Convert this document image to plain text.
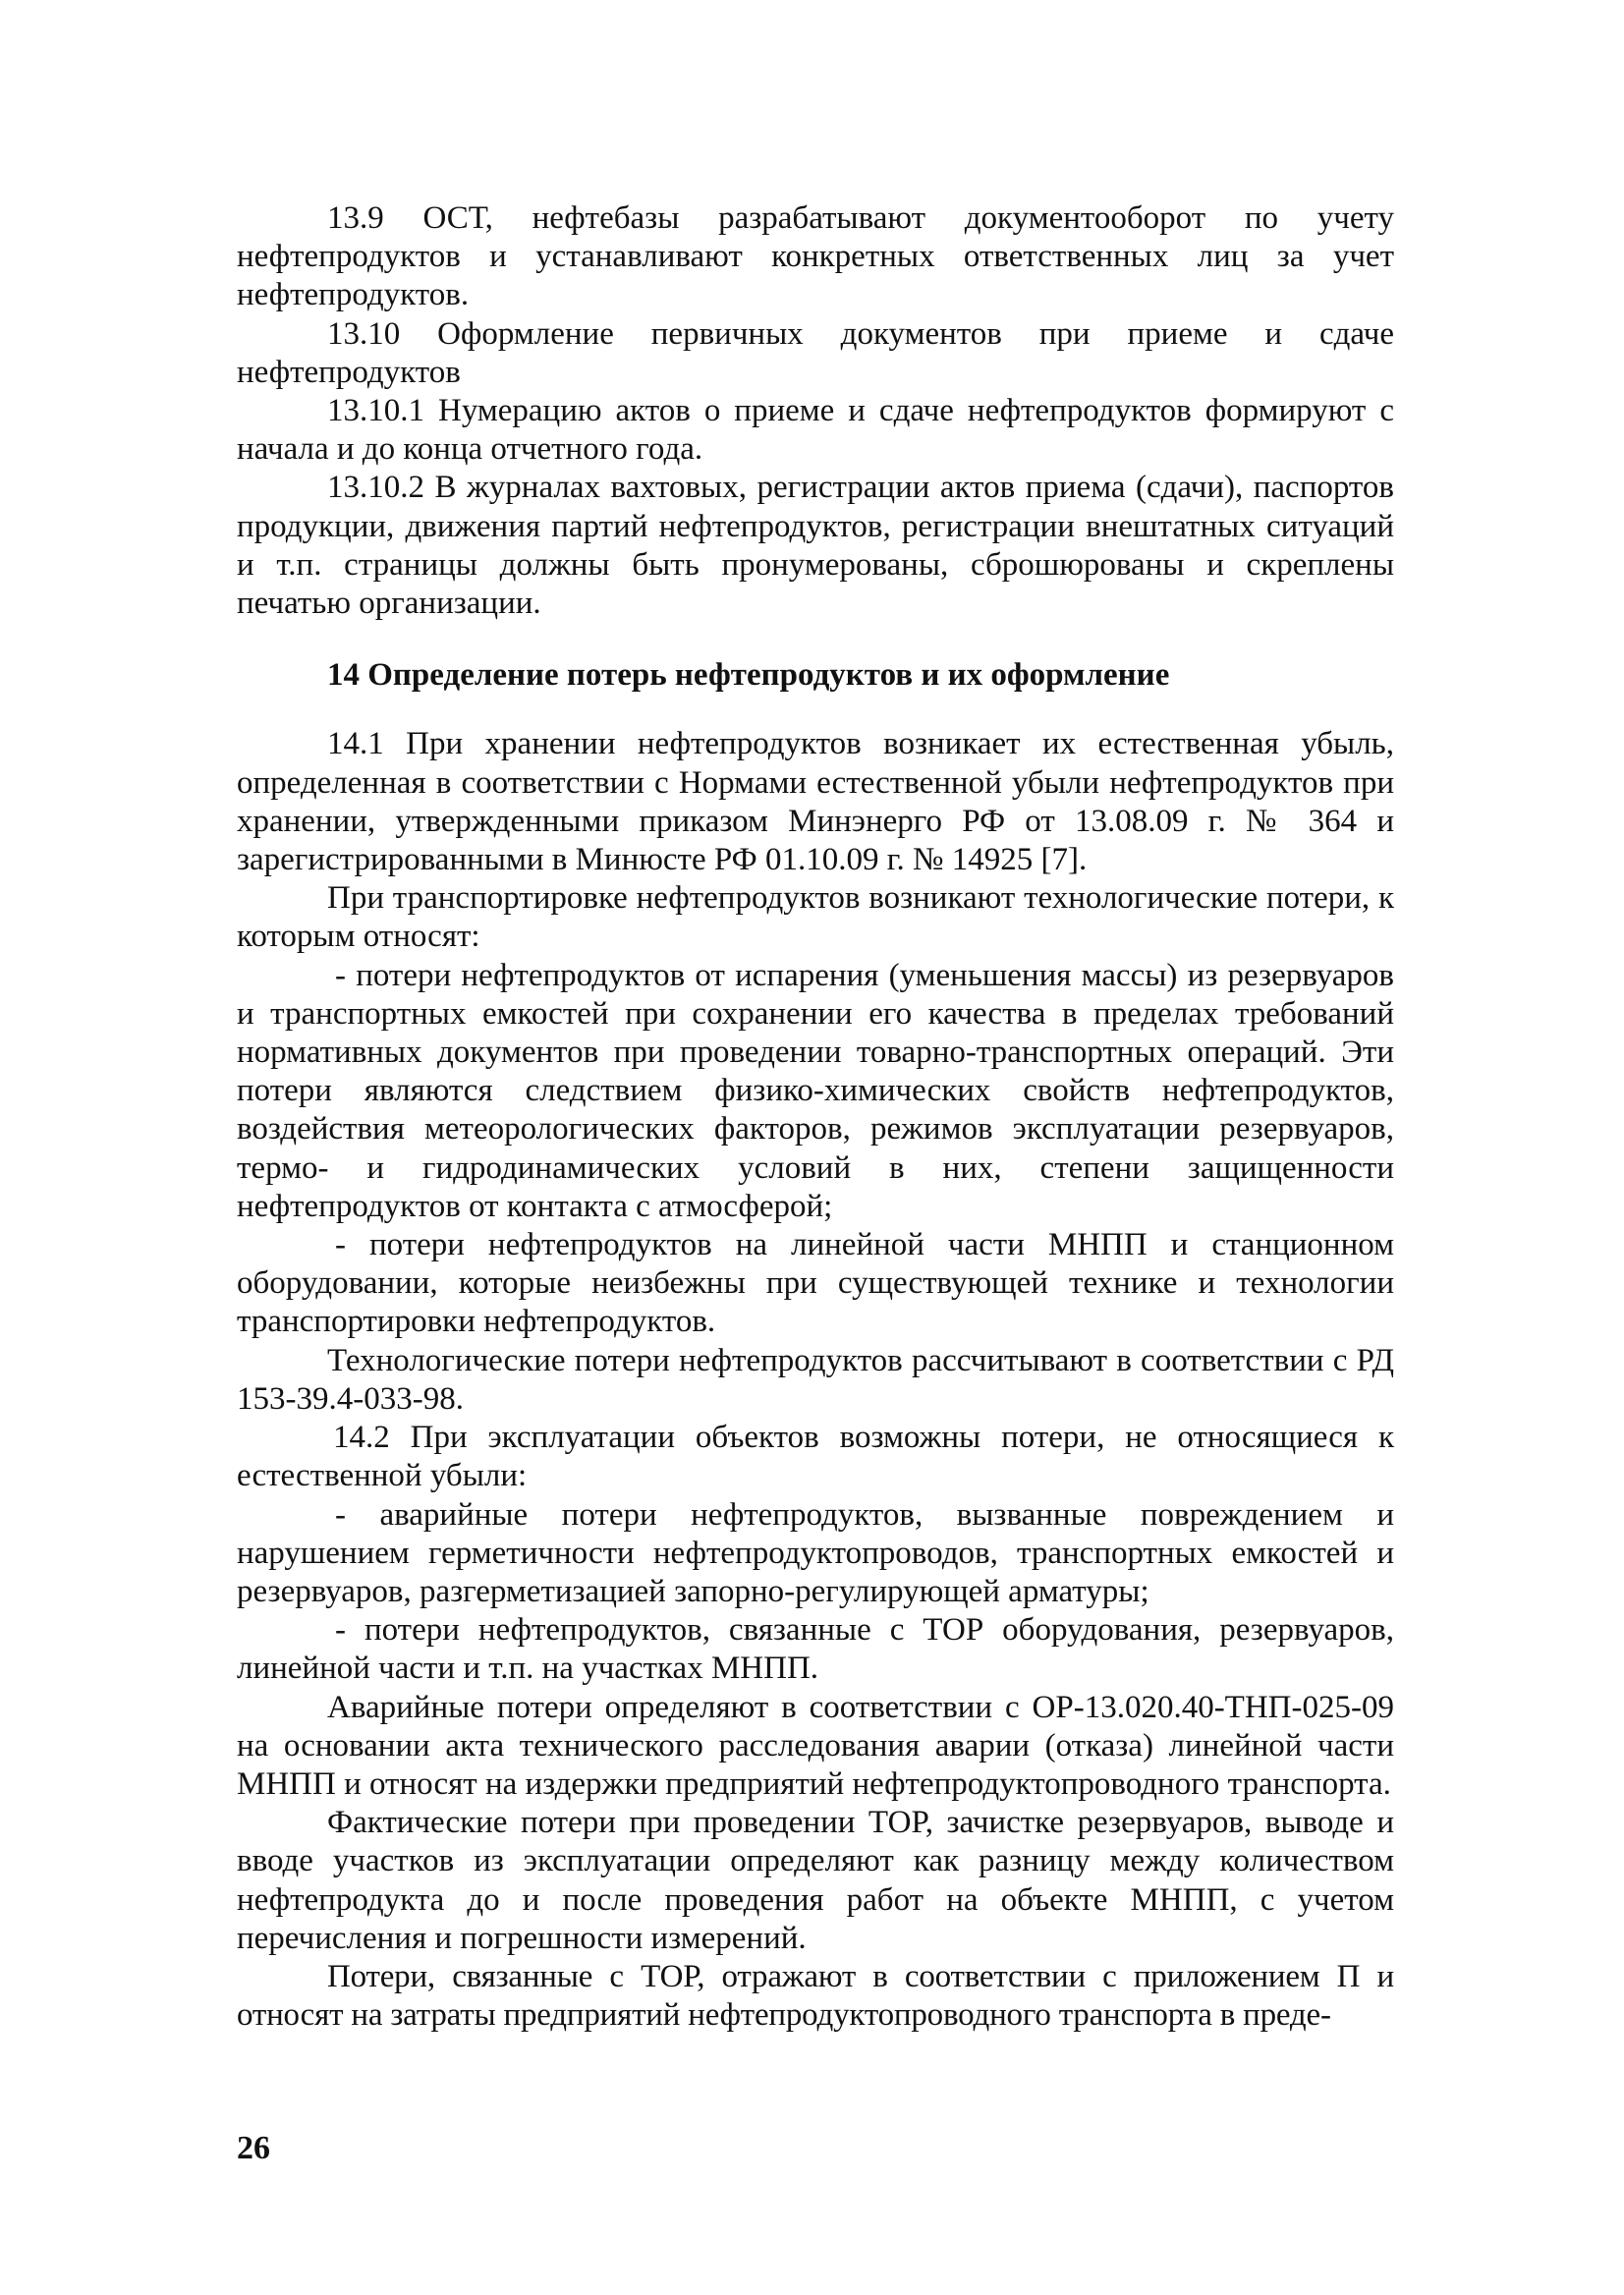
13.9 ОСТ, нефтебазы разрабатывают документооборот по учету нефтепродуктов и устанавливают конкретных ответственных лиц за учет нефтепродуктов.

13.10 Оформление первичных документов при приеме и сдаче нефтепродуктов

13.10.1 Нумерацию актов о приеме и сдаче нефтепродуктов формируют с начала и до конца отчетного года.

13.10.2 В журналах вахтовых, регистрации актов приема (сдачи), паспортов продукции, движения партий нефтепродуктов, регистрации внештатных ситуаций и т.п. страницы должны быть пронумерованы, сброшюрованы и скреплены печатью организации.

14 Определение потерь нефтепродуктов и их оформление

14.1 При хранении нефтепродуктов возникает их естественная убыль, определенная в соответствии с Нормами естественной убыли нефтепродуктов при хранении, утвержденными приказом Минэнерго РФ от 13.08.09 г. № 364 и зарегистрированными в Минюсте РФ 01.10.09 г. № 14925 [7].

При транспортировке нефтепродуктов возникают технологические потери, к которым относят:

- потери нефтепродуктов от испарения (уменьшения массы) из резервуаров и транспортных емкостей при сохранении его качества в пределах требований нормативных документов при проведении товарно-транспортных операций. Эти потери являются следствием физико-химических свойств нефтепродуктов, воздействия метеорологических факторов, режимов эксплуатации резервуаров, термо- и гидродинамических условий в них, степени защищенности нефтепродуктов от контакта с атмосферой;

- потери нефтепродуктов на линейной части МНПП и станционном оборудовании, которые неизбежны при существующей технике и технологии транспортировки нефтепродуктов.

Технологические потери нефтепродуктов рассчитывают в соответствии с РД 153-39.4-033-98.

14.2 При эксплуатации объектов возможны потери, не относящиеся к естественной убыли:

- аварийные потери нефтепродуктов, вызванные повреждением и нарушением герметичности нефтепродуктопроводов, транспортных емкостей и резервуаров, разгерметизацией запорно-регулирующей арматуры;

- потери нефтепродуктов, связанные с ТОР оборудования, резервуаров, линейной части и т.п. на участках МНПП.

Аварийные потери определяют в соответствии с ОР-13.020.40-ТНП-025-09 на основании акта технического расследования аварии (отказа) линейной части МНПП и относят на издержки предприятий нефтепродуктопроводного транспорта.

Фактические потери при проведении ТОР, зачистке резервуаров, выводе и вводе участков из эксплуатации определяют как разницу между количеством нефтепродукта до и после проведения работ на объекте МНПП, с учетом перечисления и погрешности измерений.

Потери, связанные с ТОР, отражают в соответствии с приложением П и относят на затраты предприятий нефтепродуктопроводного транспорта в преде-

26
